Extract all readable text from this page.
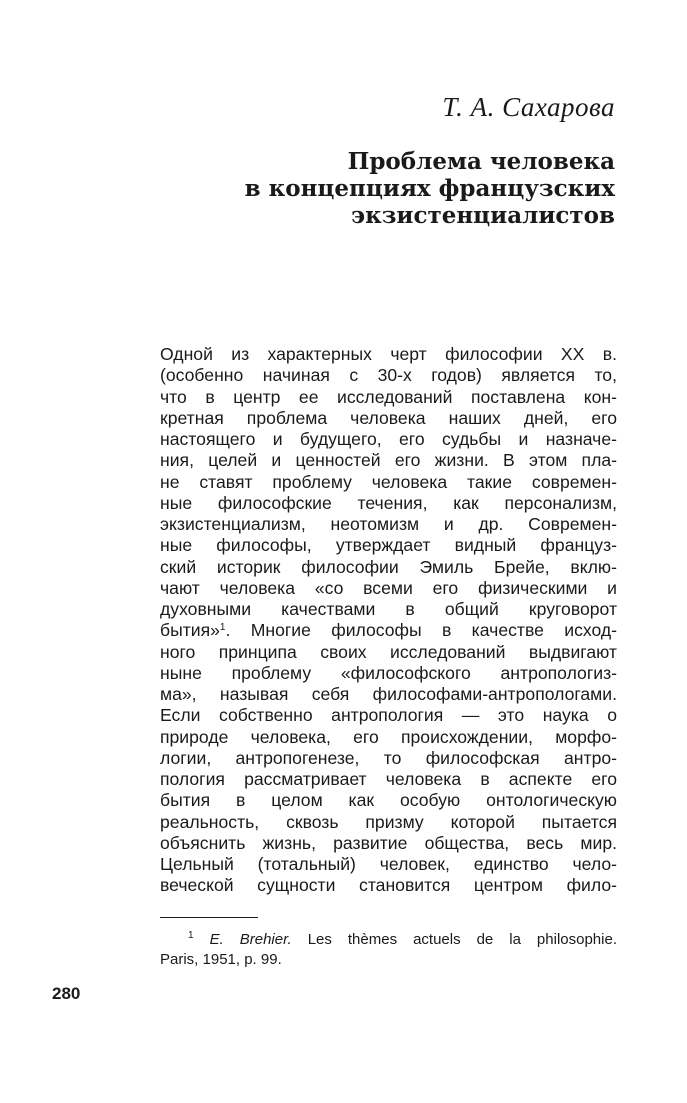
Т. А. Сахарова

Проблема человека
в концепциях французских
экзистенциалистов
Одной из характерных черт философии XX в.
(особенно начиная с 30-х годов) является то,
что в центр ее исследований поставлена кон-
кретная проблема человека наших дней, его
настоящего и будущего, его судьбы и назначе-
ния, целей и ценностей его жизни. В этом пла-
не ставят проблему человека такие современ-
ные философские течения, как персонализм,
экзистенциализм, неотомизм и др. Современ-
ные философы, утверждает видный француз-
ский историк философии Эмиль Брейе, вклю-
чают человека «со всеми его физическими и
духовными качествами в общий круговорот
бытия»$^1$. Многие философы в качестве исход-
ного принципа своих исследований выдвигают
ныне проблему «философского антропологиз-
ма», называя себя философами-антропологами.
Если собственно антропология — это наука о
природе человека, его происхождении, морфо-
логии, антропогенезе, то философская антро-
пология рассматривает человека в аспекте его
бытия в целом как особую онтологическую
реальность, сквозь призму которой пытается
объяснить жизнь, развитие общества, весь мир.
Цельный (тотальный) человек, единство чело-
веческой сущности становится центром фило-
$^1$ E. Brehier. Les thèmes actuels de la philosophie.
Paris, 1951, p. 99.

280
